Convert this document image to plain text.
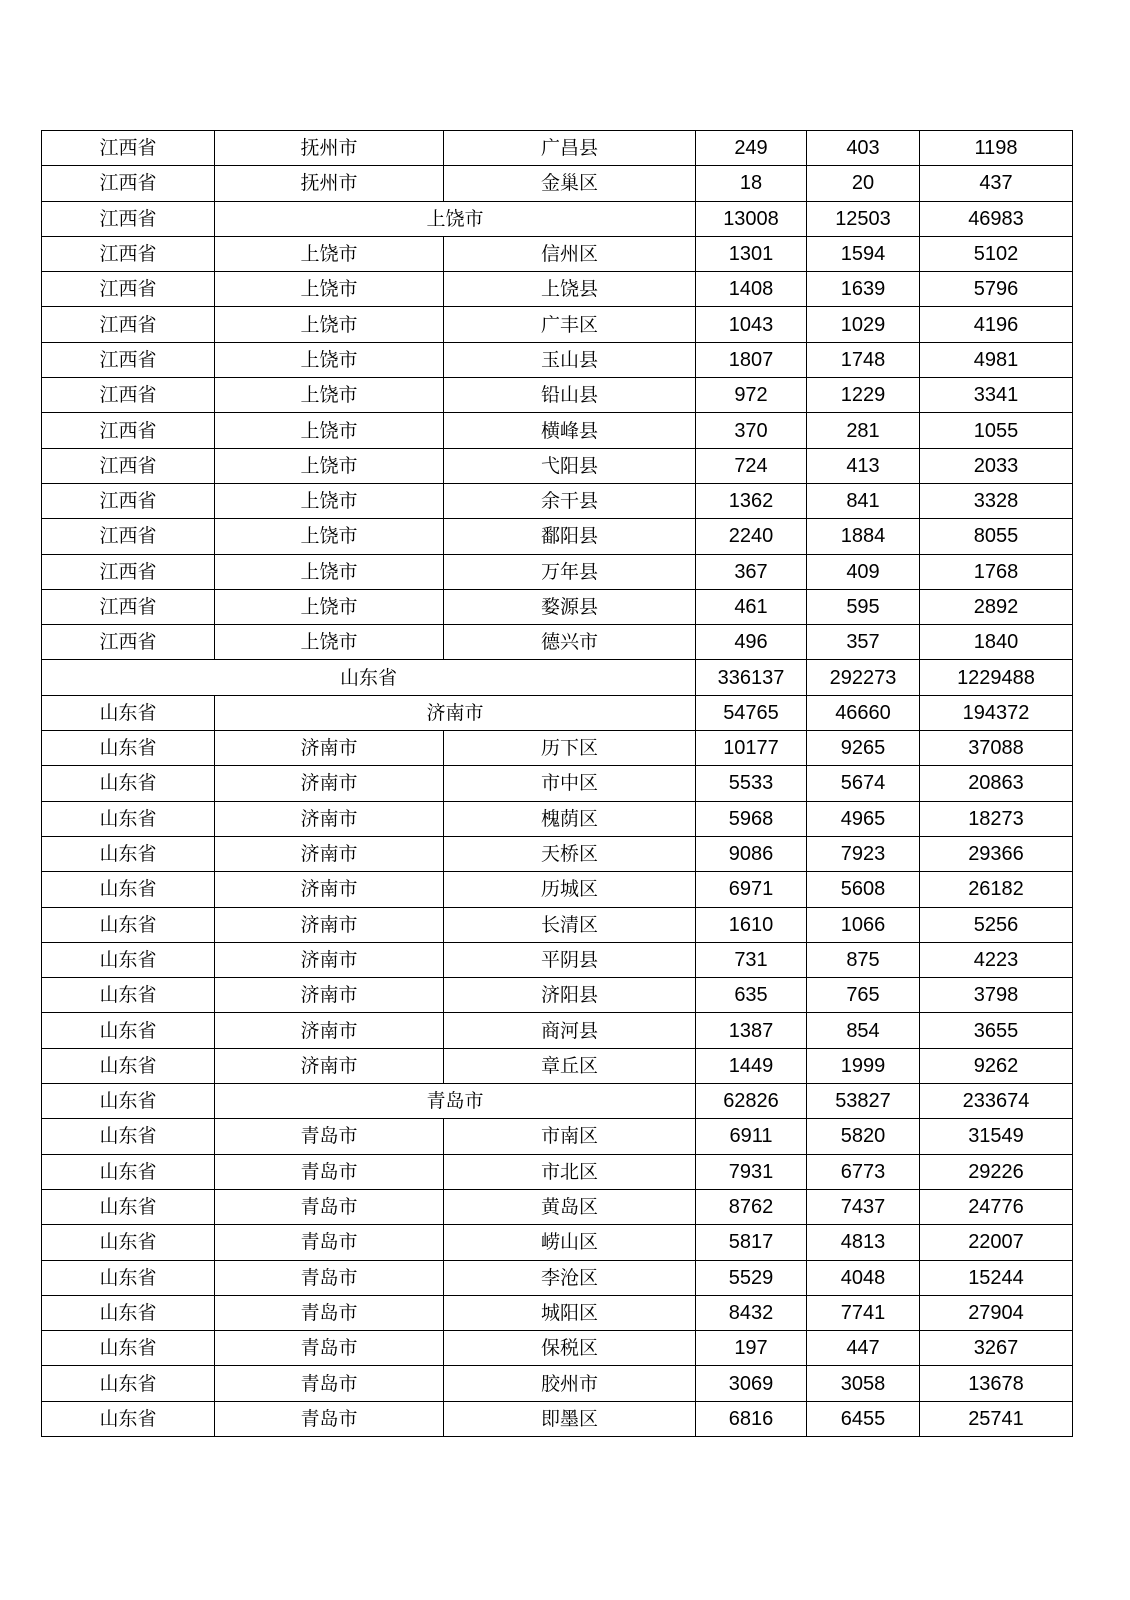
江西省	抚州市	广昌县	249	403	1198
江西省	抚州市	金巢区	18	20	437
江西省	上饶市		13008	12503	46983
江西省	上饶市	信州区	1301	1594	5102
江西省	上饶市	上饶县	1408	1639	5796
江西省	上饶市	广丰区	1043	1029	4196
江西省	上饶市	玉山县	1807	1748	4981
江西省	上饶市	铅山县	972	1229	3341
江西省	上饶市	横峰县	370	281	1055
江西省	上饶市	弋阳县	724	413	2033
江西省	上饶市	余干县	1362	841	3328
江西省	上饶市	鄱阳县	2240	1884	8055
江西省	上饶市	万年县	367	409	1768
江西省	上饶市	婺源县	461	595	2892
江西省	上饶市	德兴市	496	357	1840
山东省			336137	292273	1229488
山东省	济南市		54765	46660	194372
山东省	济南市	历下区	10177	9265	37088
山东省	济南市	市中区	5533	5674	20863
山东省	济南市	槐荫区	5968	4965	18273
山东省	济南市	天桥区	9086	7923	29366
山东省	济南市	历城区	6971	5608	26182
山东省	济南市	长清区	1610	1066	5256
山东省	济南市	平阴县	731	875	4223
山东省	济南市	济阳县	635	765	3798
山东省	济南市	商河县	1387	854	3655
山东省	济南市	章丘区	1449	1999	9262
山东省	青岛市		62826	53827	233674
山东省	青岛市	市南区	6911	5820	31549
山东省	青岛市	市北区	7931	6773	29226
山东省	青岛市	黄岛区	8762	7437	24776
山东省	青岛市	崂山区	5817	4813	22007
山东省	青岛市	李沧区	5529	4048	15244
山东省	青岛市	城阳区	8432	7741	27904
山东省	青岛市	保税区	197	447	3267
山东省	青岛市	胶州市	3069	3058	13678
山东省	青岛市	即墨区	6816	6455	25741
